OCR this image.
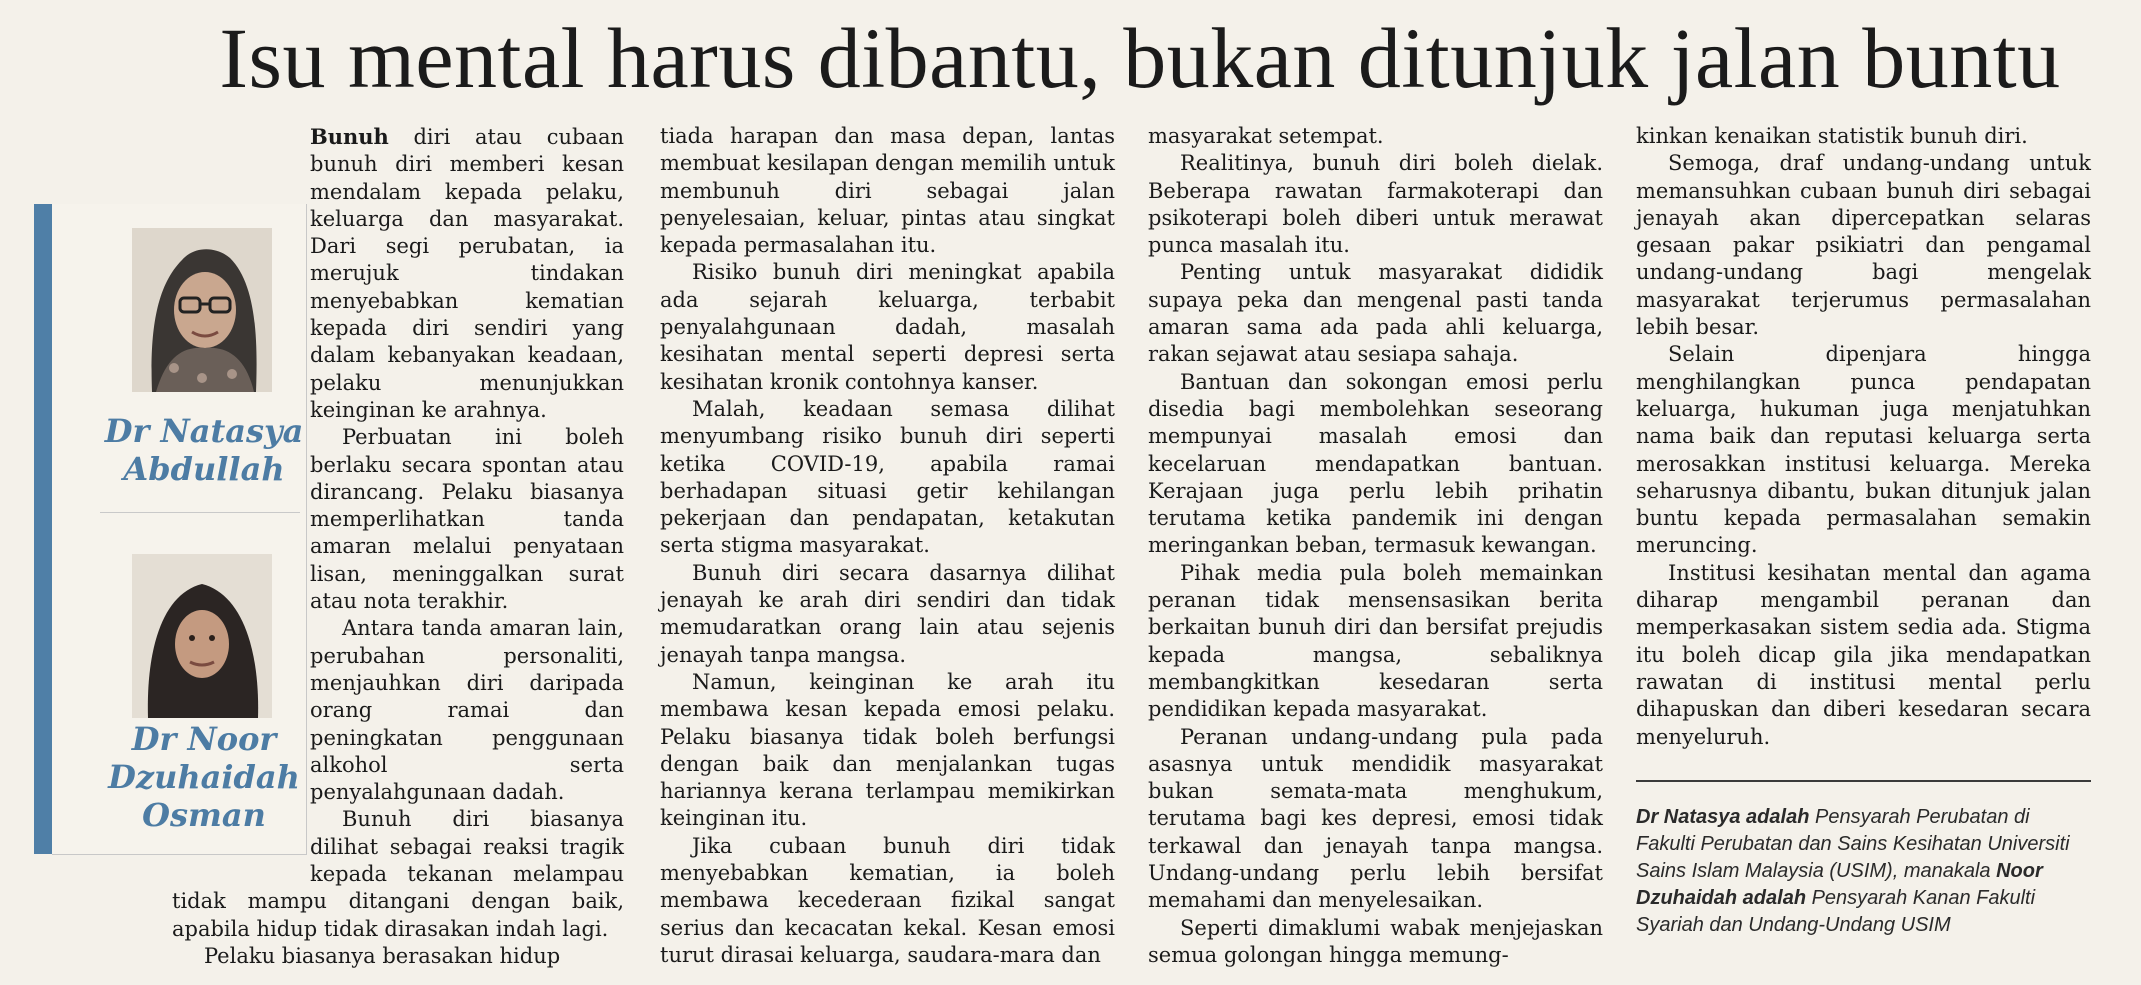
Isu mental harus dibantu, bukan ditunjuk jalan buntu
Dr Natasya
Abdullah
Dr Noor
Dzuhaidah
Osman

Bunuh diri atau cubaan bunuh diri memberi kesan mendalam kepada pelaku, keluarga dan masyarakat. Dari segi perubatan, ia merujuk tindakan menyebabkan kematian kepada diri sendiri yang dalam kebanyakan keadaan, pelaku menunjukkan keinginan ke arahnya.

Perbuatan ini boleh berlaku secara spontan atau dirancang. Pelaku biasanya memperlihatkan tanda amaran melalui penyataan lisan, meninggalkan surat atau nota terakhir.

Antara tanda amaran lain, perubahan personaliti, menjauhkan diri daripada orang ramai dan peningkatan penggunaan alkohol serta penyalahgunaan dadah.

Bunuh diri biasanya dilihat sebagai reaksi tragik kepada tekanan melampau tidak mampu ditangani dengan baik, apabila hidup tidak dirasakan indah lagi.

Pelaku biasanya berasakan hidup

tiada harapan dan masa depan, lantas membuat kesilapan dengan memilih untuk membunuh diri sebagai jalan penyelesaian, keluar, pintas atau singkat kepada permasalahan itu.

Risiko bunuh diri meningkat apabila ada sejarah keluarga, terbabit penyalahgunaan dadah, masalah kesihatan mental seperti depresi serta kesihatan kronik contohnya kanser.

Malah, keadaan semasa dilihat menyumbang risiko bunuh diri seperti ketika COVID-19, apabila ramai berhadapan situasi getir kehilangan pekerjaan dan pendapatan, ketakutan serta stigma masyarakat.

Bunuh diri secara dasarnya dilihat jenayah ke arah diri sendiri dan tidak memudaratkan orang lain atau sejenis jenayah tanpa mangsa.

Namun, keinginan ke arah itu membawa kesan kepada emosi pelaku. Pelaku biasanya tidak boleh berfungsi dengan baik dan menjalankan tugas hariannya kerana terlampau memikirkan keinginan itu.

Jika cubaan bunuh diri tidak menyebabkan kematian, ia boleh membawa kecederaan fizikal sangat serius dan kecacatan kekal. Kesan emosi turut dirasai keluarga, saudara-mara dan

masyarakat setempat.

Realitinya, bunuh diri boleh dielak. Beberapa rawatan farmakoterapi dan psikoterapi boleh diberi untuk merawat punca masalah itu.

Penting untuk masyarakat dididik supaya peka dan mengenal pasti tanda amaran sama ada pada ahli keluarga, rakan sejawat atau sesiapa sahaja.

Bantuan dan sokongan emosi perlu disedia bagi membolehkan seseorang mempunyai masalah emosi dan kecelaruan mendapatkan bantuan. Kerajaan juga perlu lebih prihatin terutama ketika pandemik ini dengan meringankan beban, termasuk kewangan.

Pihak media pula boleh memainkan peranan tidak mensensasikan berita berkaitan bunuh diri dan bersifat prejudis kepada mangsa, sebaliknya membangkitkan kesedaran serta pendidikan kepada masyarakat.

Peranan undang-undang pula pada asasnya untuk mendidik masyarakat bukan semata-mata menghukum, terutama bagi kes depresi, emosi tidak terkawal dan jenayah tanpa mangsa. Undang-undang perlu lebih bersifat memahami dan menyelesaikan.

Seperti dimaklumi wabak menjejaskan semua golongan hingga memung-

kinkan kenaikan statistik bunuh diri.

Semoga, draf undang-undang untuk memansuhkan cubaan bunuh diri sebagai jenayah akan dipercepatkan selaras gesaan pakar psikiatri dan pengamal undang-undang bagi mengelak masyarakat terjerumus permasalahan lebih besar.

Selain dipenjara hingga menghilangkan punca pendapatan keluarga, hukuman juga menjatuhkan nama baik dan reputasi keluarga serta merosakkan institusi keluarga. Mereka seharusnya dibantu, bukan ditunjuk jalan buntu kepada permasalahan semakin meruncing.

Institusi kesihatan mental dan agama diharap mengambil peranan dan memperkasakan sistem sedia ada. Stigma itu boleh dicap gila jika mendapatkan rawatan di institusi mental perlu dihapuskan dan diberi kesedaran secara menyeluruh.

Dr Natasya adalah Pensyarah Perubatan di Fakulti Perubatan dan Sains Kesihatan Universiti Sains Islam Malaysia (USIM), manakala Noor Dzuhaidah adalah Pensyarah Kanan Fakulti Syariah dan Undang-Undang USIM
